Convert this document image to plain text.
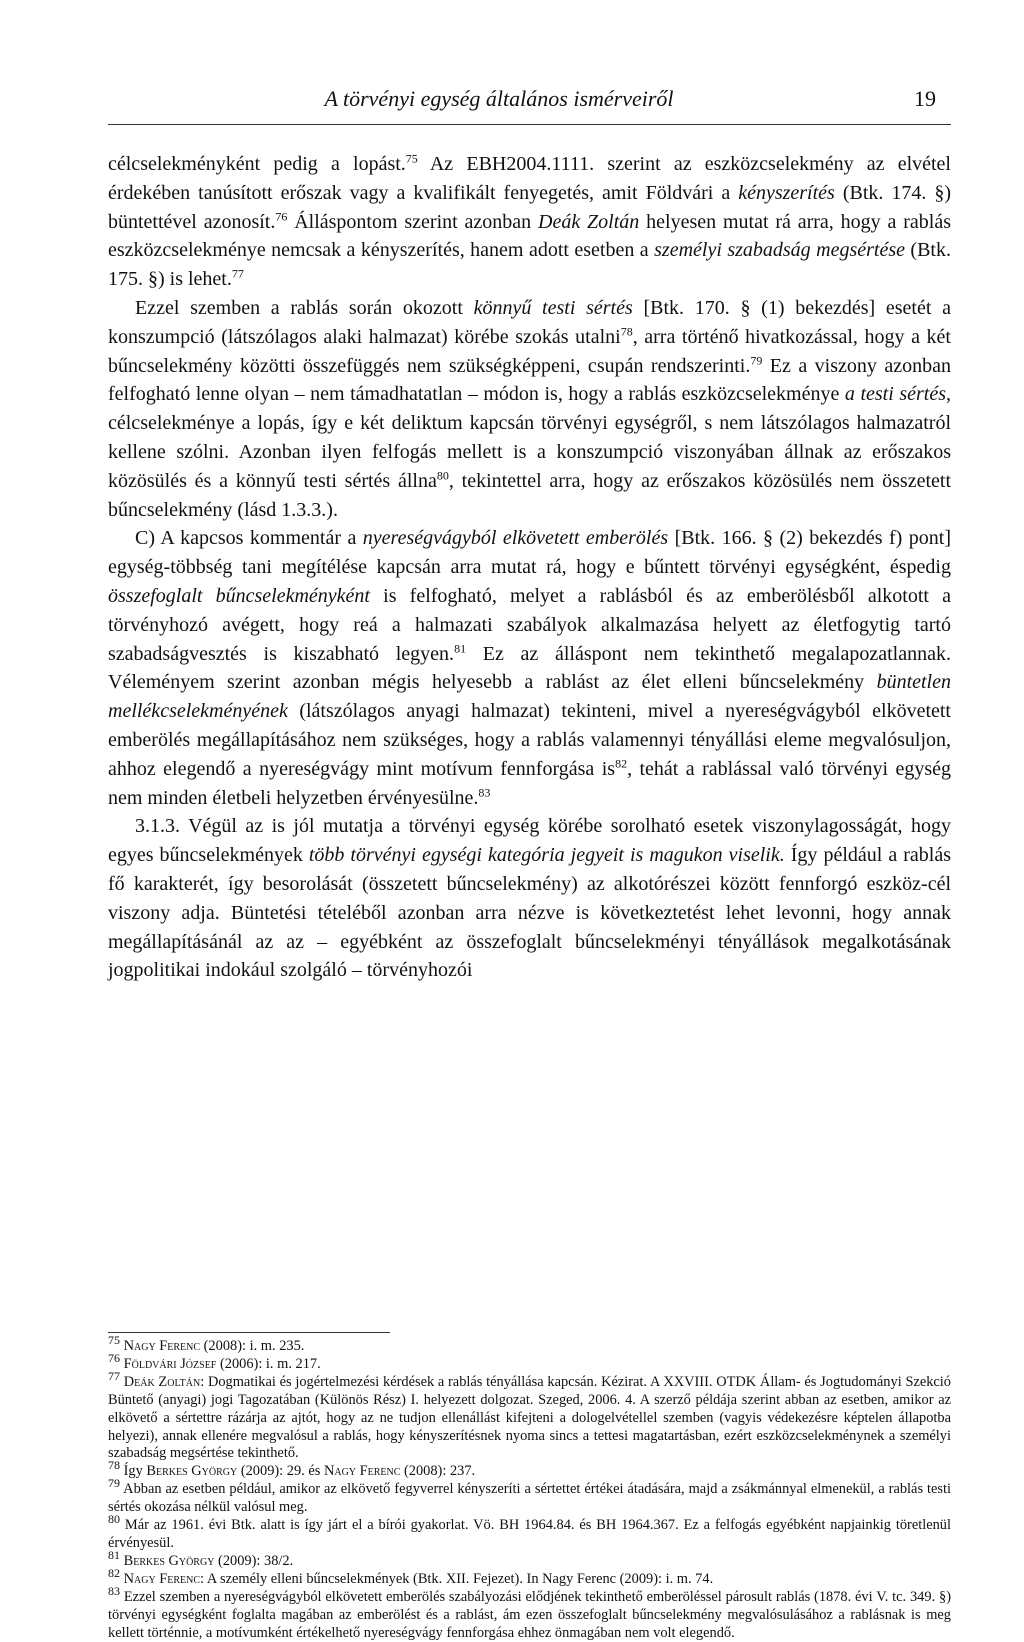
A törvényi egység általános ismérveiről	19

célcselekményként pedig a lopást.$^{75}$ Az EBH2004.1111. szerint az eszközcselekmény az elvétel érdekében tanúsított erőszak vagy a kvalifikált fenyegetés, amit Földvári a kényszerítés (Btk. 174. §) büntettével azonosít.$^{76}$ Álláspontom szerint azonban Deák Zoltán helyesen mutat rá arra, hogy a rablás eszközcselekménye nemcsak a kényszerítés, hanem adott esetben a személyi szabadság megsértése (Btk. 175. §) is lehet.$^{77}$

Ezzel szemben a rablás során okozott könnyű testi sértés [Btk. 170. § (1) bekezdés] esetét a konszumpció (látszólagos alaki halmazat) körébe szokás utalni$^{78}$, arra történő hivatkozással, hogy a két bűncselekmény közötti összefüggés nem szükségképpeni, csupán rendszerinti.$^{79}$ Ez a viszony azonban felfogható lenne olyan – nem támadhatatlan – módon is, hogy a rablás eszközcselekménye a testi sértés, célcselekménye a lopás, így e két deliktum kapcsán törvényi egységről, s nem látszólagos halmazatról kellene szólni. Azonban ilyen felfogás mellett is a konszumpció viszonyában állnak az erőszakos közösülés és a könnyű testi sértés állna$^{80}$, tekintettel arra, hogy az erőszakos közösülés nem összetett bűncselekmény (lásd 1.3.3.).

C) A kapcsos kommentár a nyereségvágyból elkövetett emberölés [Btk. 166. § (2) bekezdés f) pont] egység-többség tani megítélése kapcsán arra mutat rá, hogy e bűntett törvényi egységként, éspedig összefoglalt bűncselekményként is felfogható, melyet a rablásból és az emberölésből alkotott a törvényhozó avégett, hogy reá a halmazati szabályok alkalmazása helyett az életfogytig tartó szabadságvesztés is kiszabható legyen.$^{81}$ Ez az álláspont nem tekinthető megalapozatlannak. Véleményem szerint azonban mégis helyesebb a rablást az élet elleni bűncselekmény büntetlen mellékcselekményének (látszólagos anyagi halmazat) tekinteni, mivel a nyereségvágyból elkövetett emberölés megállapításához nem szükséges, hogy a rablás valamennyi tényállási eleme megvalósuljon, ahhoz elegendő a nyereségvágy mint motívum fennforgása $is^{82}$, tehát a rablással való törvényi egység nem minden életbeli helyzetben érvényesülne.$^{83}$

3.1.3. Végül az is jól mutatja a törvényi egység körébe sorolható esetek viszonylagosságát, hogy egyes bűncselekmények több törvényi egységi kategória jegyeit is magukon viselik. Így például a rablás fő karakterét, így besorolását (összetett bűncselekmény) az alkotórészei között fennforgó eszköz-cél viszony adja. Büntetési tételéből azonban arra nézve is következtetést lehet levonni, hogy annak megállapításánál az az – egyébként az összefoglalt bűncselekményi tényállások megalkotásának jogpolitikai indokául szolgáló – törvényhozói

$^{75}$ Nagy Ferenc (2008): i. m. 235.

$^{76}$ Földvári József (2006): i. m. 217.

$^{77}$ Deák Zoltán: Dogmatikai és jogértelmezési kérdések a rablás tényállása kapcsán. Kézirat. A XXVIII. OTDK Állam- és Jogtudományi Szekció Büntető (anyagi) jogi Tagozatában (Különös Rész) I. helyezett dolgozat. Szeged, 2006. 4. A szerző példája szerint abban az esetben, amikor az elkövető a sértettre rázárja az ajtót, hogy az ne tudjon ellenállást kifejteni a dologelvétellel szemben (vagyis védekezésre képtelen állapotba helyezi), annak ellenére megvalósul a rablás, hogy kényszerítésnek nyoma sincs a tettesi magatartásban, ezért eszközcselekménynek a személyi szabadság megsértése tekinthető.

$^{78}$ Így Berkes György (2009): 29. és Nagy Ferenc (2008): 237.

$^{79}$ Abban az esetben például, amikor az elkövető fegyverrel kényszeríti a sértettet értékei átadására, majd a zsákmánnyal elmenekül, a rablás testi sértés okozása nélkül valósul meg.

$^{80}$ Már az 1961. évi Btk. alatt is így járt el a bírói gyakorlat. Vö. BH 1964.84. és BH 1964.367. Ez a felfogás egyébként napjainkig töretlenül érvényesül.

$^{81}$ Berkes György (2009): 38/2.

$^{82}$ Nagy Ferenc: A személy elleni bűncselekmények (Btk. XII. Fejezet). In Nagy Ferenc (2009): i. m. 74.

$^{83}$ Ezzel szemben a nyereségvágyból elkövetett emberölés szabályozási elődjének tekinthető emberöléssel párosult rablás (1878. évi V. tc. 349. §) törvényi egységként foglalta magában az emberölést és a rablást, ám ezen összefoglalt bűncselekmény megvalósulásához a rablásnak is meg kellett történnie, a motívumként értékelhető nyereségvágy fennforgása ehhez önmagában nem volt elegendő.
